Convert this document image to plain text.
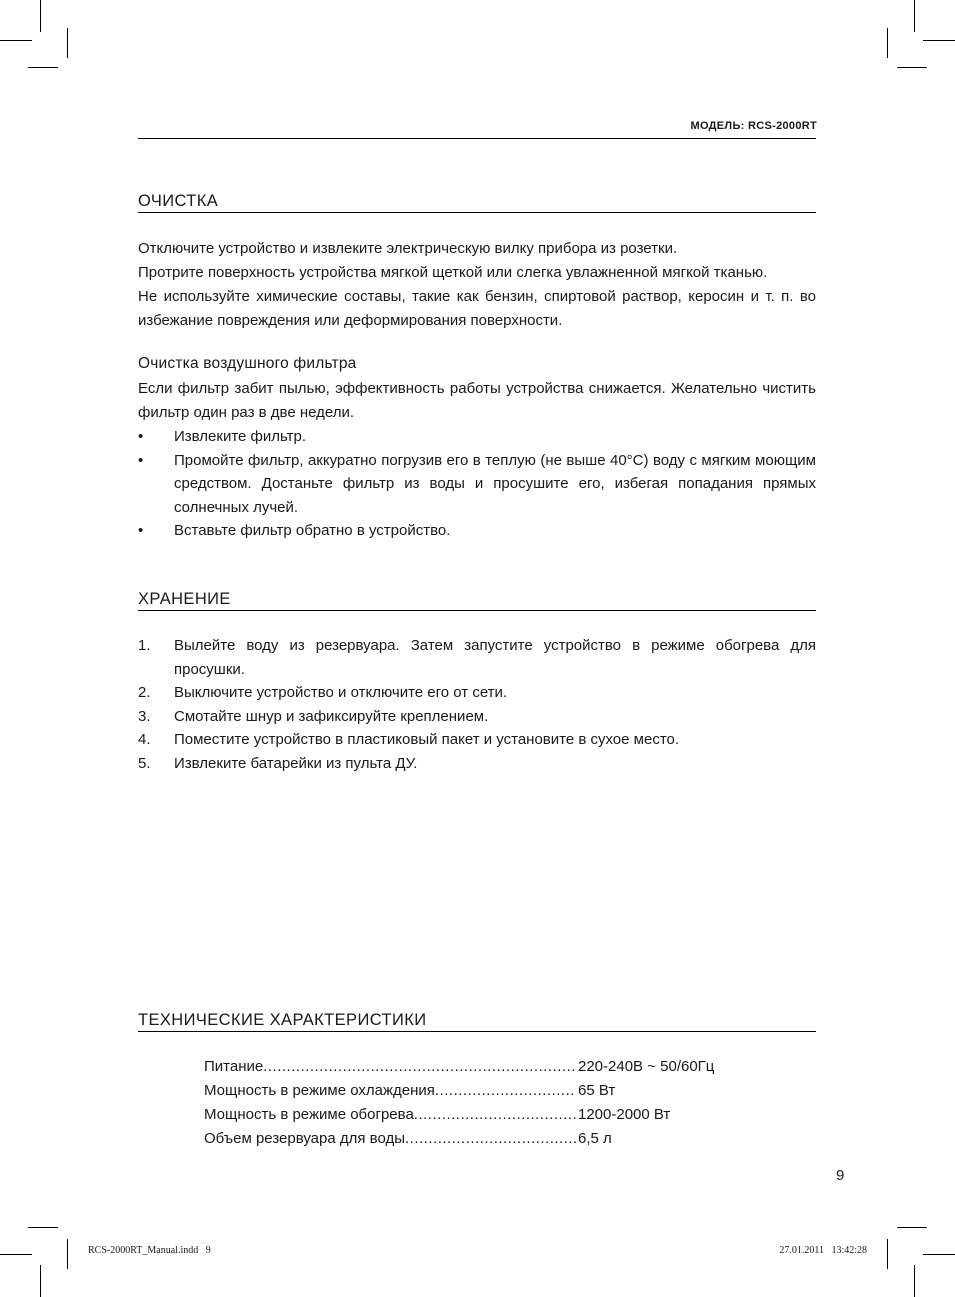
МОДЕЛЬ: RCS-2000RT
ОЧИСТКА

Отключите устройство и извлеките электрическую вилку прибора из розетки.

Протрите поверхность устройства мягкой щеткой или слегка увлажненной мягкой тканью.

Не используйте химические составы, такие как бензин, спиртовой раствор, керосин и т. п. во избежание повреждения или деформирования поверхности.

Очистка воздушного фильтра
Если фильтр забит пылью, эффективность работы устройства снижается. Желательно чистить фильтр один раз в две недели.
• Извлеките фильтр.
• Промойте фильтр, аккуратно погрузив его в теплую (не выше 40°С) воду с мягким моющим средством. Достаньте фильтр из воды и просушите его, избегая попадания прямых солнечных лучей.
• Вставьте фильтр обратно в устройство.
ХРАНЕНИЕ
1. Вылейте воду из резервуара. Затем запустите устройство в режиме обогрева для просушки.
2. Выключите устройство и отключите его от сети.
3. Смотайте шнур и зафиксируйте креплением.
4. Поместите устройство в пластиковый пакет и установите в сухое место.
5. Извлеките батарейки из пульта ДУ.
ТЕХНИЧЕСКИЕ ХАРАКТЕРИСТИКИ
Питание .....	220-240В ~ 50/60Гц
Мощность в режиме охлаждения .....	65 Вт
Мощность в режиме обогрева .....	1200-2000 Вт
Объем резервуара для воды .....	6,5 л
9
RCS-2000RT_Manual.indd   9	27.01.2011   13:42:28
